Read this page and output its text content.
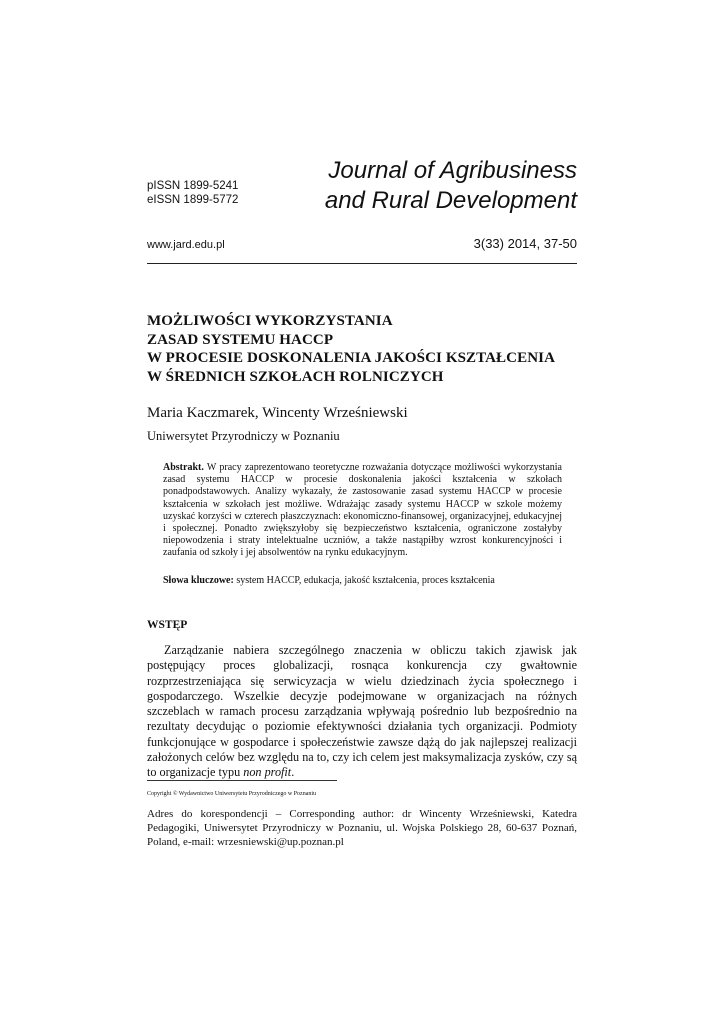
pISSN 1899-5241
eISSN 1899-5772
Journal of Agribusiness
and Rural Development
www.jard.edu.pl	3(33) 2014, 37-50
MOŻLIWOŚCI WYKORZYSTANIA
ZASAD SYSTEMU HACCP
W PROCESIE DOSKONALENIA JAKOŚCI KSZTAŁCENIA
W ŚREDNICH SZKOŁACH ROLNICZYCH
Maria Kaczmarek, Wincenty Wrześniewski
Uniwersytet Przyrodniczy w Poznaniu
Abstrakt. W pracy zaprezentowano teoretyczne rozważania dotyczące możliwości wykorzystania zasad systemu HACCP w procesie doskonalenia jakości kształcenia w szkołach ponadpodstawowych. Analizy wykazały, że zastosowanie zasad systemu HACCP w procesie kształcenia w szkołach jest możliwe. Wdrażając zasady systemu HACCP w szkole możemy uzyskać korzyści w czterech płaszczyznach: ekonomiczno-finansowej, organizacyjnej, edukacyjnej i społecznej. Ponadto zwiększyłoby się bezpieczeństwo kształcenia, ograniczone zostałyby niepowodzenia i straty intelektualne uczniów, a także nastąpiłby wzrost konkurencyjności i zaufania od szkoły i jej absolwentów na rynku edukacyjnym.
Słowa kluczowe: system HACCP, edukacja, jakość kształcenia, proces kształcenia
WSTĘP
Zarządzanie nabiera szczególnego znaczenia w obliczu takich zjawisk jak postępujący proces globalizacji, rosnąca konkurencja czy gwałtownie rozprzestrzeniająca się serwicyzacja w wielu dziedzinach życia społecznego i gospodarczego. Wszelkie decyzje podejmowane w organizacjach na różnych szczeblach w ramach procesu zarządzania wpływają pośrednio lub bezpośrednio na rezultaty decydując o poziomie efektywności działania tych organizacji. Podmioty funkcjonujące w gospodarce i społeczeństwie zawsze dążą do jak najlepszej realizacji założonych celów bez względu na to, czy ich celem jest maksymalizacja zysków, czy są to organizacje typu non profit.
Copyright © Wydawnictwo Uniwersytetu Przyrodniczego w Poznaniu
Adres do korespondencji – Corresponding author: dr Wincenty Wrześniewski, Katedra Pedagogiki, Uniwersytet Przyrodniczy w Poznaniu, ul. Wojska Polskiego 28, 60-637 Poznań, Poland, e-mail: wrzesniewski@up.poznan.pl
